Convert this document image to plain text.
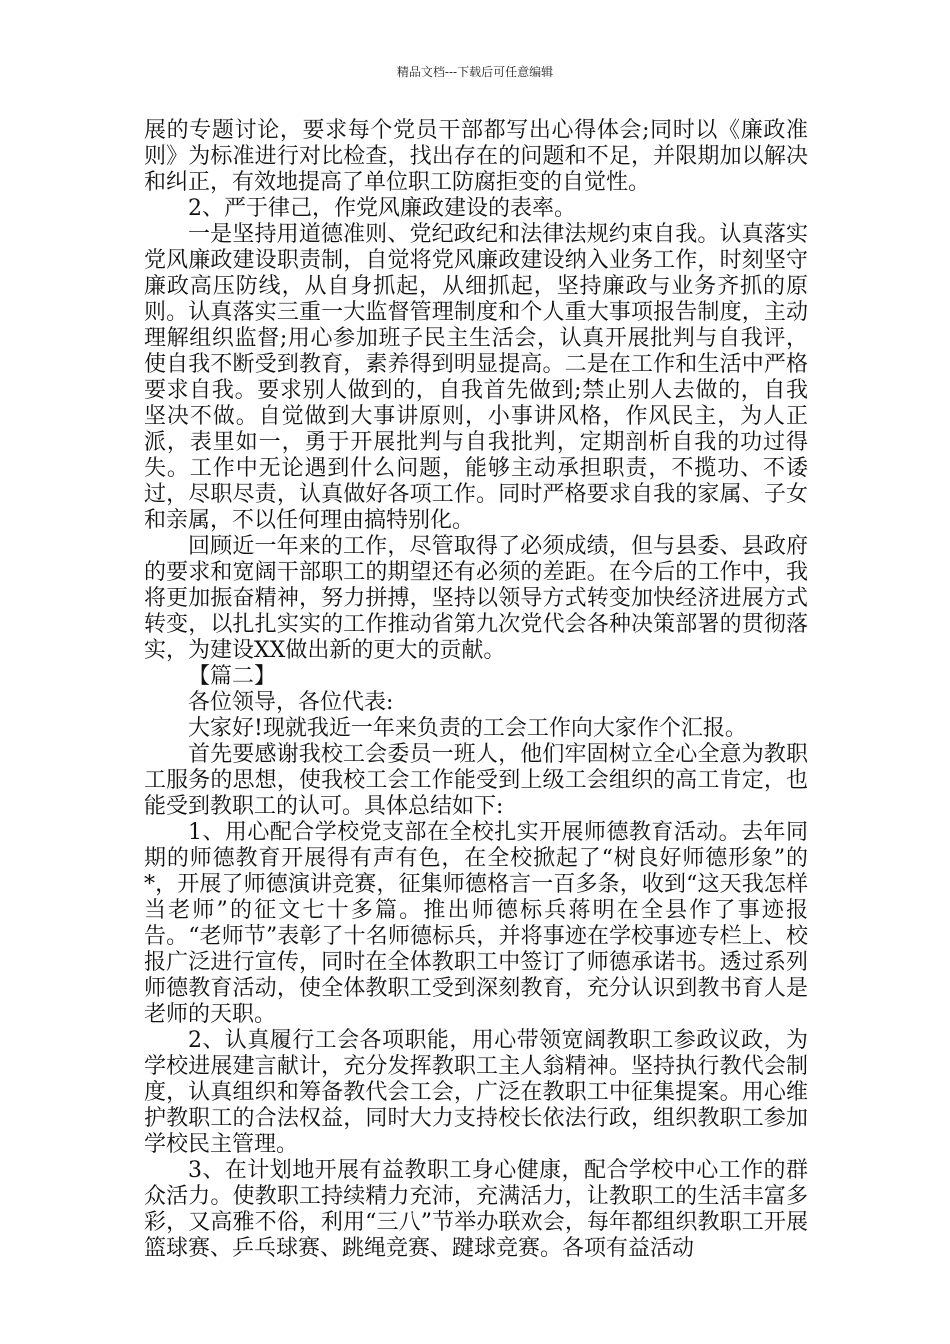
精品文档---下载后可任意编辑

展的专题讨论，要求每个党员干部都写出心得体会;同时以《廉政准则》为标准进行对比检查，找出存在的问题和不足，并限期加以解决和纠正，有效地提高了单位职工防腐拒变的自觉性。

2、严于律己，作党风廉政建设的表率。

一是坚持用道德准则、党纪政纪和法律法规约束自我。认真落实党风廉政建设职责制，自觉将党风廉政建设纳入业务工作，时刻坚守廉政高压防线，从自身抓起，从细抓起，坚持廉政与业务齐抓的原则。认真落实三重一大监督管理制度和个人重大事项报告制度，主动理解组织监督;用心参加班子民主生活会，认真开展批判与自我评，使自我不断受到教育，素养得到明显提高。二是在工作和生活中严格要求自我。要求别人做到的，自我首先做到;禁止别人去做的，自我坚决不做。自觉做到大事讲原则，小事讲风格，作风民主，为人正派，表里如一，勇于开展批判与自我批判，定期剖析自我的功过得失。工作中无论遇到什么问题，能够主动承担职责，不揽功、不诿过，尽职尽责，认真做好各项工作。同时严格要求自我的家属、子女和亲属，不以任何理由搞特别化。

回顾近一年来的工作，尽管取得了必须成绩，但与县委、县政府的要求和宽阔干部职工的期望还有必须的差距。在今后的工作中，我将更加振奋精神，努力拼搏，坚持以领导方式转变加快经济进展方式转变，以扎扎实实的工作推动省第九次党代会各种决策部署的贯彻落实，为建设XX做出新的更大的贡献。

【篇二】

各位领导，各位代表:

大家好!现就我近一年来负责的工会工作向大家作个汇报。

首先要感谢我校工会委员一班人，他们牢固树立全心全意为教职工服务的思想，使我校工会工作能受到上级工会组织的高工肯定，也能受到教职工的认可。具体总结如下:

1、用心配合学校党支部在全校扎实开展师德教育活动。去年同期的师德教育开展得有声有色，在全校掀起了“树良好师德形象”的*，开展了师德演讲竞赛，征集师德格言一百多条，收到“这天我怎样当老师”的征文七十多篇。推出师德标兵蒋明在全县作了事迹报告。“老师节”表彰了十名师德标兵，并将事迹在学校事迹专栏上、校报广泛进行宣传，同时在全体教职工中签订了师德承诺书。透过系列师德教育活动，使全体教职工受到深刻教育，充分认识到教书育人是老师的天职。

2、认真履行工会各项职能，用心带领宽阔教职工参政议政，为学校进展建言献计，充分发挥教职工主人翁精神。坚持执行教代会制度，认真组织和筹备教代会工会，广泛在教职工中征集提案。用心维护教职工的合法权益，同时大力支持校长依法行政，组织教职工参加学校民主管理。

3、在计划地开展有益教职工身心健康，配合学校中心工作的群众活力。使教职工持续精力充沛，充满活力，让教职工的生活丰富多彩，又高雅不俗，利用“三八”节举办联欢会，每年都组织教职工开展篮球赛、乒乓球赛、跳绳竞赛、踺球竞赛。各项有益活动
